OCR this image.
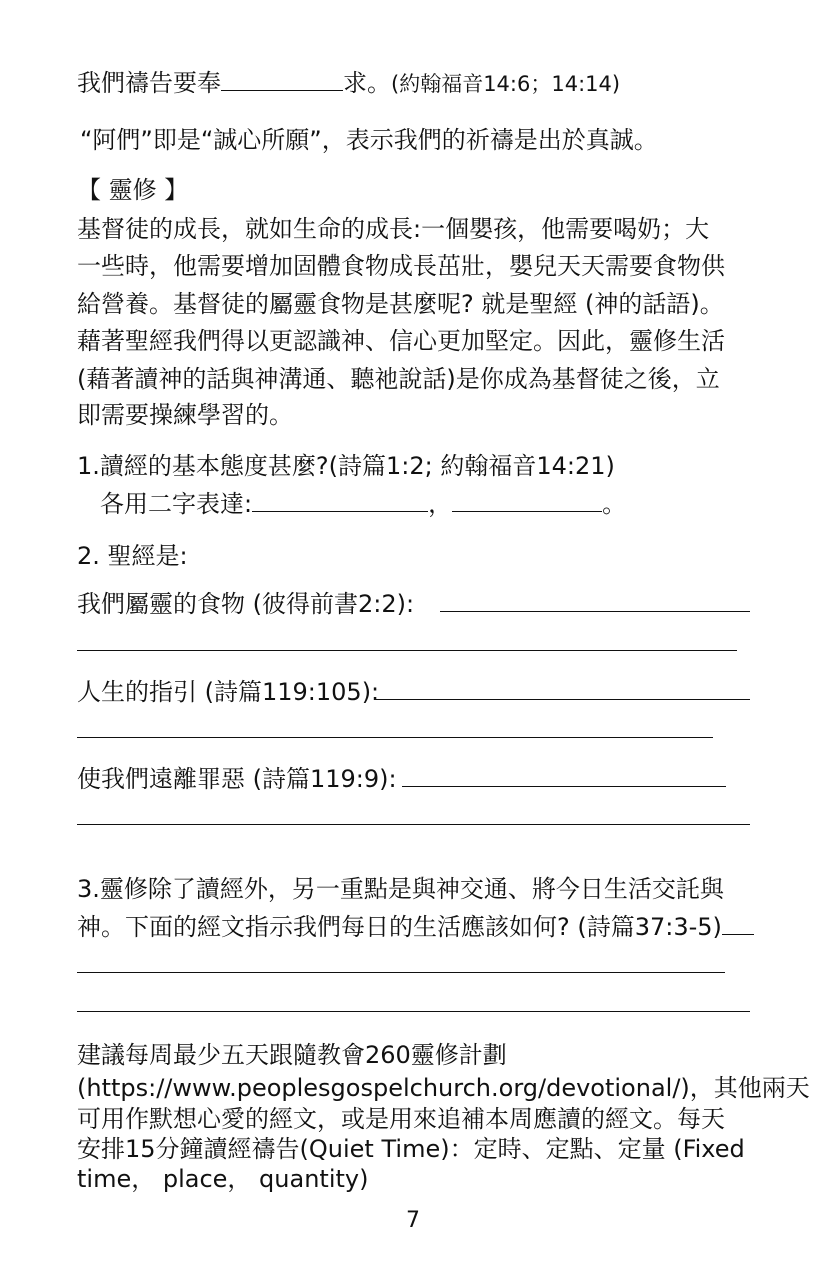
我們禱告要奉	求。(約翰福音14:6；14:14)
“阿們”即是“誠心所願”，表示我們的祈禱是出於真誠。
【 靈修 】
基督徒的成長，就如生命的成長:一個嬰孩，他需要喝奶；大
一些時，他需要增加固體食物成長茁壯，嬰兒天天需要食物供
給營養。基督徒的屬靈食物是甚麼呢? 就是聖經 (神的話語)。
藉著聖經我們得以更認識神、信心更加堅定。因此，靈修生活
(藉著讀神的話與神溝通、聽祂說話)是你成為基督徒之後，立
即需要操練學習的。
1.讀經的基本態度甚麼?(詩篇1:2; 約翰福音14:21)
各用二字表達:	，	。
2. 聖經是:
我們屬靈的食物 (彼得前書2:2):
人生的指引 (詩篇119:105):
使我們遠離罪惡 (詩篇119:9):
3.靈修除了讀經外，另一重點是與神交通、將今日生活交託與
神。下面的經文指示我們每日的生活應該如何? (詩篇37:3-5)
建議每周最少五天跟隨教會260靈修計劃
(https://www.peoplesgospelchurch.org/devotional/)，其他兩天
可用作默想心愛的經文，或是用來追補本周應讀的經文。每天
安排15分鐘讀經禱告(Quiet Time)：定時、定點、定量 (Fixed
time， place， quantity)
7
